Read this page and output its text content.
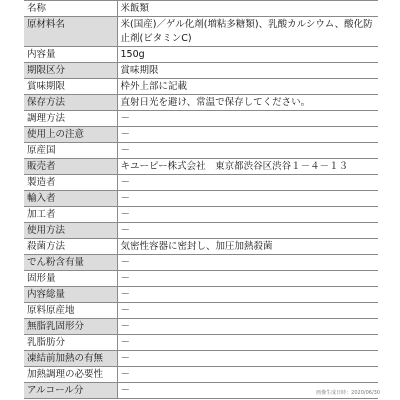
名称	米飯類
原材料名	米(国産)／ゲル化剤(増粘多糖類)、乳酸カルシウム、酸化防止剤(ビタミンC)
内容量	150g
期限区分	賞味期限
賞味期限	枠外上部に記載
保存方法	直射日光を避け、常温で保存してください。
調理方法	－
使用上の注意	－
原産国	－
販売者	キユーピー株式会社　東京都渋谷区渋谷１－４－１３
製造者	－
輸入者	－
加工者	－
使用方法	－
殺菌方法	気密性容器に密封し、加圧加熱殺菌
でん粉含有量	－
固形量	－
内容総量	－
原料原産地	－
無脂乳固形分	－
乳脂肪分	－
凍結前加熱の有無	－
加熱調理の必要性	－
アルコール分	－	画像生成日時：2020/06/30
